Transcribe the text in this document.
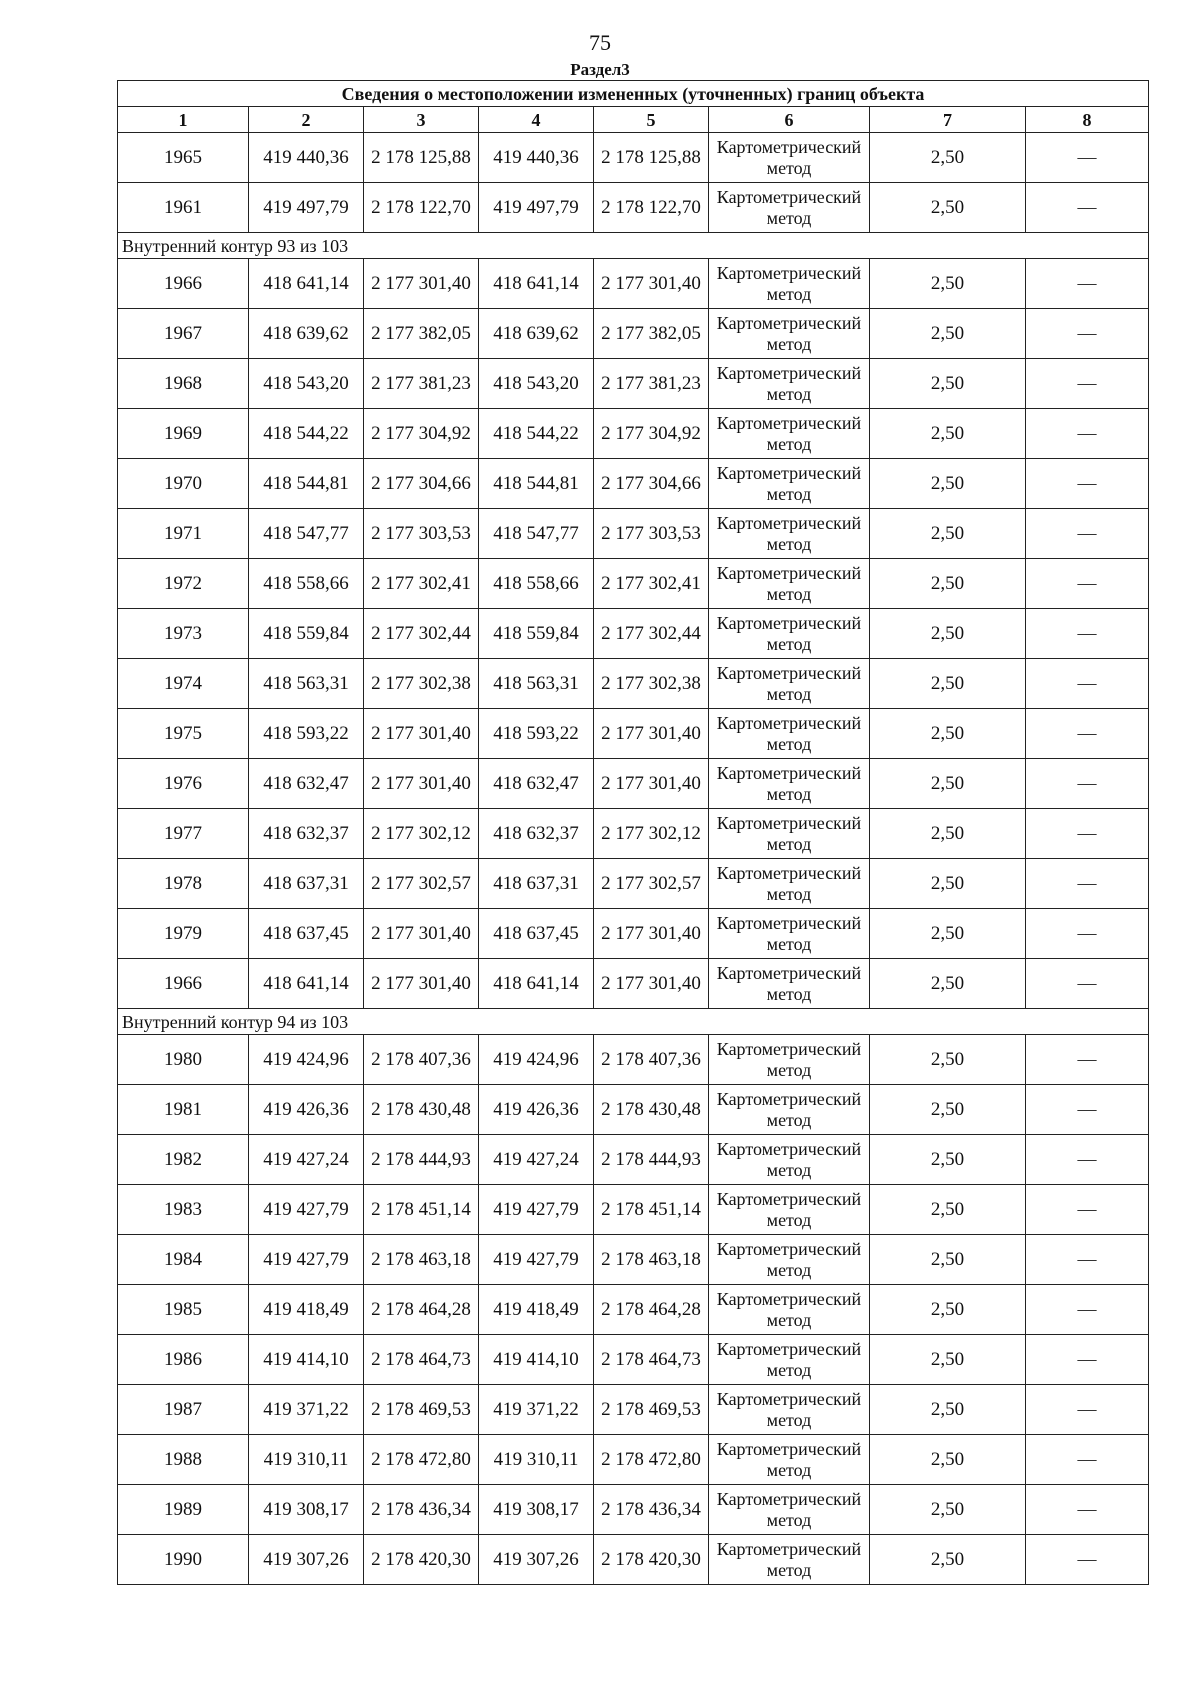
75
Раздел3
Сведения о местоположении измененных (уточненных) границ объекта							
1	2	3	4	5	6	7	8
1965	419 440,36	2 178 125,88	419 440,36	2 178 125,88	Картометрический метод	2,50	—
1961	419 497,79	2 178 122,70	419 497,79	2 178 122,70	Картометрический метод	2,50	—
Внутренний контур 93 из 103							
1966	418 641,14	2 177 301,40	418 641,14	2 177 301,40	Картометрический метод	2,50	—
1967	418 639,62	2 177 382,05	418 639,62	2 177 382,05	Картометрический метод	2,50	—
1968	418 543,20	2 177 381,23	418 543,20	2 177 381,23	Картометрический метод	2,50	—
1969	418 544,22	2 177 304,92	418 544,22	2 177 304,92	Картометрический метод	2,50	—
1970	418 544,81	2 177 304,66	418 544,81	2 177 304,66	Картометрический метод	2,50	—
1971	418 547,77	2 177 303,53	418 547,77	2 177 303,53	Картометрический метод	2,50	—
1972	418 558,66	2 177 302,41	418 558,66	2 177 302,41	Картометрический метод	2,50	—
1973	418 559,84	2 177 302,44	418 559,84	2 177 302,44	Картометрический метод	2,50	—
1974	418 563,31	2 177 302,38	418 563,31	2 177 302,38	Картометрический метод	2,50	—
1975	418 593,22	2 177 301,40	418 593,22	2 177 301,40	Картометрический метод	2,50	—
1976	418 632,47	2 177 301,40	418 632,47	2 177 301,40	Картометрический метод	2,50	—
1977	418 632,37	2 177 302,12	418 632,37	2 177 302,12	Картометрический метод	2,50	—
1978	418 637,31	2 177 302,57	418 637,31	2 177 302,57	Картометрический метод	2,50	—
1979	418 637,45	2 177 301,40	418 637,45	2 177 301,40	Картометрический метод	2,50	—
1966	418 641,14	2 177 301,40	418 641,14	2 177 301,40	Картометрический метод	2,50	—
Внутренний контур 94 из 103							
1980	419 424,96	2 178 407,36	419 424,96	2 178 407,36	Картометрический метод	2,50	—
1981	419 426,36	2 178 430,48	419 426,36	2 178 430,48	Картометрический метод	2,50	—
1982	419 427,24	2 178 444,93	419 427,24	2 178 444,93	Картометрический метод	2,50	—
1983	419 427,79	2 178 451,14	419 427,79	2 178 451,14	Картометрический метод	2,50	—
1984	419 427,79	2 178 463,18	419 427,79	2 178 463,18	Картометрический метод	2,50	—
1985	419 418,49	2 178 464,28	419 418,49	2 178 464,28	Картометрический метод	2,50	—
1986	419 414,10	2 178 464,73	419 414,10	2 178 464,73	Картометрический метод	2,50	—
1987	419 371,22	2 178 469,53	419 371,22	2 178 469,53	Картометрический метод	2,50	—
1988	419 310,11	2 178 472,80	419 310,11	2 178 472,80	Картометрический метод	2,50	—
1989	419 308,17	2 178 436,34	419 308,17	2 178 436,34	Картометрический метод	2,50	—
1990	419 307,26	2 178 420,30	419 307,26	2 178 420,30	Картометрический метод	2,50	—
